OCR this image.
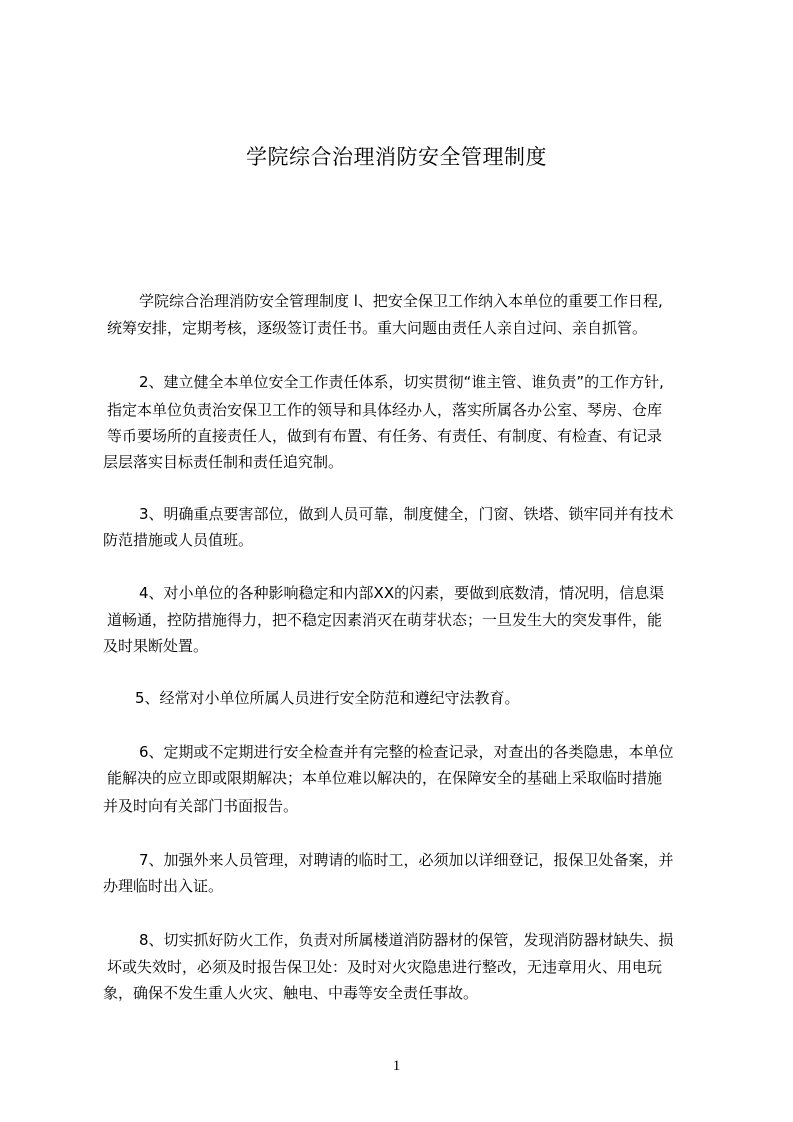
学院综合治理消防安全管理制度
学院综合治理消防安全管理制度 l、把安全保卫工作纳入本单位的重要工作日程,
统筹安排，定期考核，逐级签订责任书。重大问题由责任人亲自过问、亲自抓管。
2、建立健全本单位安全工作责任体系，切实贯彻“谁主管、谁负责”的工作方针,
指定本单位负责治安保卫工作的领导和具体经办人，落实所属各办公室、琴房、仓库
等币要场所的直接责任人，做到有布置、有任务、有责任、有制度、有检查、有记录
层层落实目标责任制和责任追究制。
3、明确重点要害部位，做到人员可靠，制度健全，门窗、铁塔、锁牢同并有技术
防范措施或人员值班。
4、对小单位的各种影响稳定和内部XX的闪素，要做到底数清，情况明，信息渠
道畅通，控防措施得力，把不稳定因素消灭在萌芽状态；一旦发生大的突发事件，能
及时果断处置。
5、经常对小单位所属人员进行安全防范和遵纪守法教育。
6、定期或不定期进行安全检查并有完整的检查记录，对查出的各类隐患，本单位
能解决的应立即或限期解决；本单位难以解决的，在保障安全的基础上采取临时措施
并及时向有关部门书面报告。
7、加强外来人员管理，对聘请的临时工，必须加以详细登记，报保卫处备案，并
办理临时出入证。
8、切实抓好防火工作，负责对所属楼道消防器材的保管，发现消防器材缺失、损
坏或失效时，必须及时报告保卫处：及时对火灾隐患进行整改，无违章用火、用电玩
象，确保不发生重人火灾、触电、中毒等安全责任事故。
1
